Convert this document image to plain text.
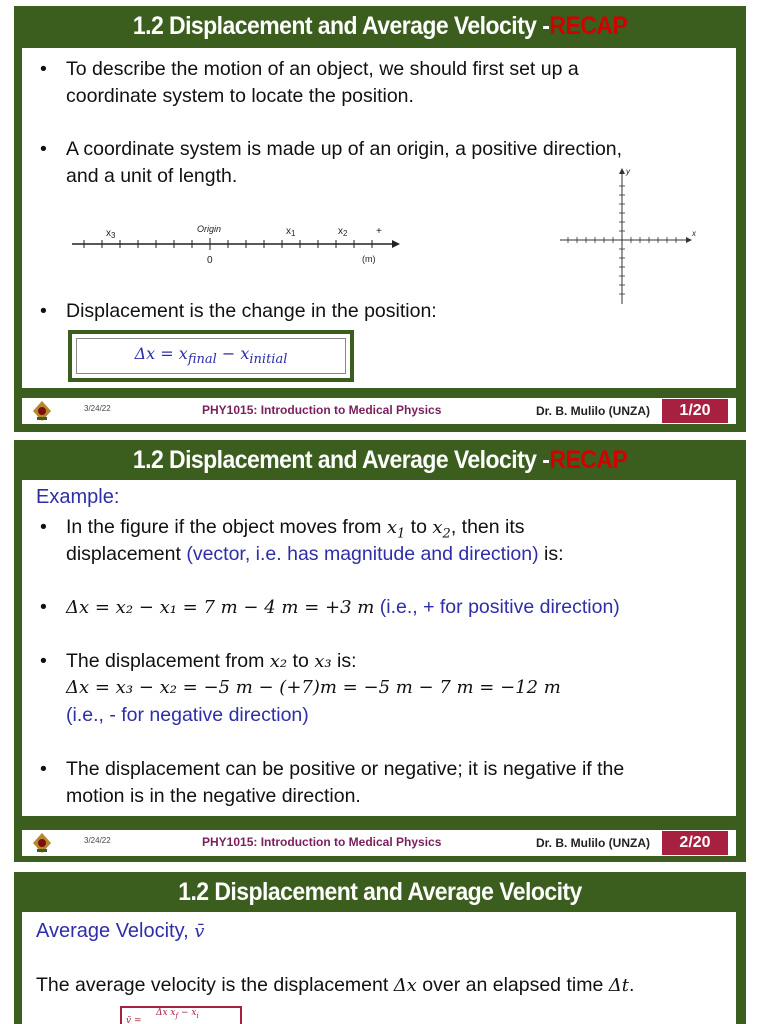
1.2 Displacement and Average Velocity - RECAP
• To describe the motion of an object, we should first set up a
coordinate system to locate the position.
• A coordinate system is made up of an origin, a positive direction,
and a unit of length.
$x_3$
Origin	$x_1$	$x_2$	+
0	(m)
y
x
• Displacement is the change in the position:
$\Delta x = x_{final} - x_{initial}$
3/24/22	PHY1015: Introduction to Medical Physics	Dr. B. Mulilo (UNZA)	1/20
1.2 Displacement and Average Velocity - RECAP
Example:
• In the figure if the object moves from $x_1$ to $x_2$, then its
displacement (vector, i.e. has magnitude and direction) is:
• Δx = x₂ − x₁ = 7 m − 4 m = +3 m (i.e., + for positive direction)
• The displacement from x₂ to x₃ is:
Δx = x₃ − x₂ = −5 m − (+7)m = −5 m − 7 m = −12 m
(i.e., - for negative direction)
• The displacement can be positive or negative; it is negative if the
motion is in the negative direction.
3/24/22	PHY1015: Introduction to Medical Physics	Dr. B. Mulilo (UNZA)	2/20
1.2 Displacement and Average Velocity
Average Velocity, v̄
The average velocity is the displacement Δx over an elapsed time Δt.
v̄ =
Δx $x_f - x_i$
